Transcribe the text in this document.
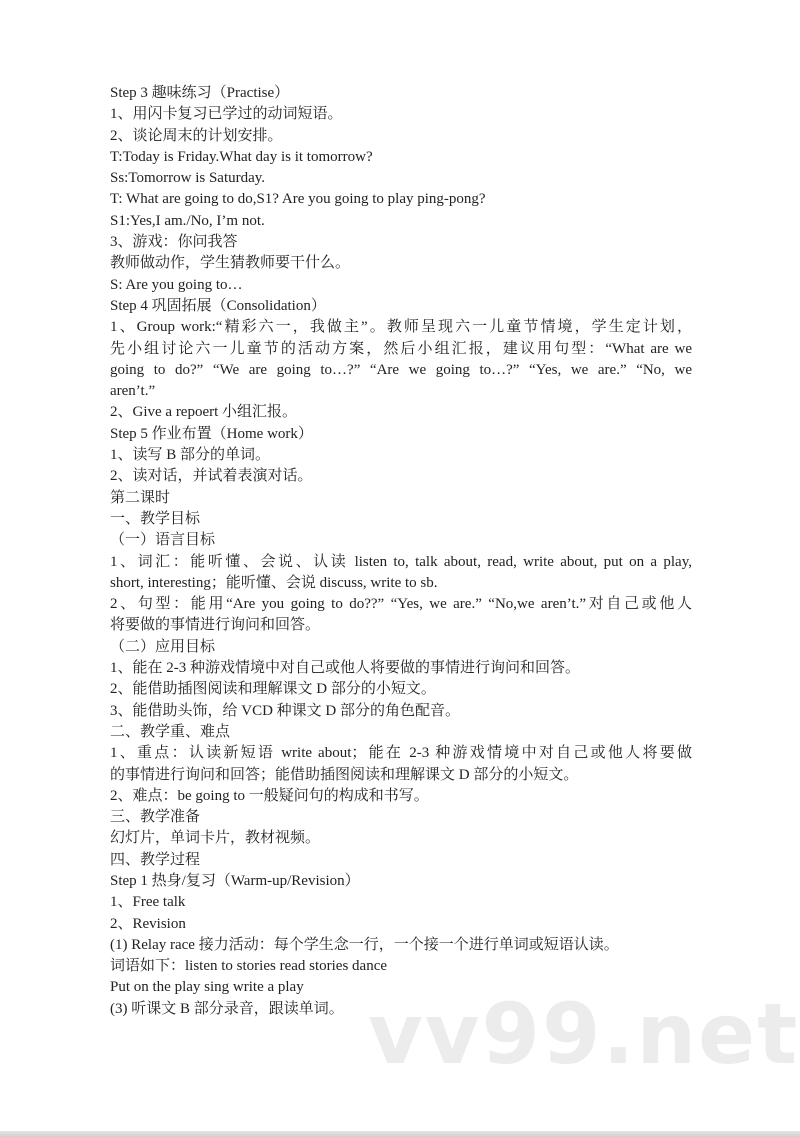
Step 3 趣味练习（Practise）
1、用闪卡复习已学过的动词短语。
2、谈论周末的计划安排。
T:Today is Friday.What day is it tomorrow?
Ss:Tomorrow is Saturday.
T: What are going to do,S1? Are you going to play ping-pong?
S1:Yes,I am./No, I’m not.
3、游戏：你问我答
教师做动作，学生猜教师要干什么。
S: Are you going to…
Step 4 巩固拓展（Consolidation）
1、Group work:“精彩六一，我做主”。教师呈现六一儿童节情境，学生定计划，
先小组讨论六一儿童节的活动方案，然后小组汇报，建议用句型：“What are we
going to do?” “We are going to…?” “Are we going to…?” “Yes, we are.” “No, we
aren’t.”
2、Give a repoert 小组汇报。
Step 5 作业布置（Home work）
1、读写 B 部分的单词。
2、读对话，并试着表演对话。
第二课时
一、教学目标
（一）语言目标
1、词汇：能听懂、会说、认读 listen to, talk about, read, write about, put on a play,
short, interesting；能听懂、会说 discuss, write to sb.
2、句型：能用“Are you going to do??” “Yes, we are.” “No,we aren’t.”对自己或他人
将要做的事情进行询问和回答。
（二）应用目标
1、能在 2-3 种游戏情境中对自己或他人将要做的事情进行询问和回答。
2、能借助插图阅读和理解课文 D 部分的小短文。
3、能借助头饰，给 VCD 种课文 D 部分的角色配音。
二、教学重、难点
1、重点：认读新短语 write about；能在 2-3 种游戏情境中对自己或他人将要做
的事情进行询问和回答；能借助插图阅读和理解课文 D 部分的小短文。
2、难点：be going to 一般疑问句的构成和书写。
三、教学准备
幻灯片，单词卡片，教材视频。
四、教学过程
Step 1 热身/复习（Warm-up/Revision）
1、Free talk
2、Revision
(1) Relay race 接力活动：每个学生念一行，一个接一个进行单词或短语认读。
词语如下：listen to stories read stories dance
Put on the play sing write a play
(3) 听课文 B 部分录音，跟读单词。 vv99.net
